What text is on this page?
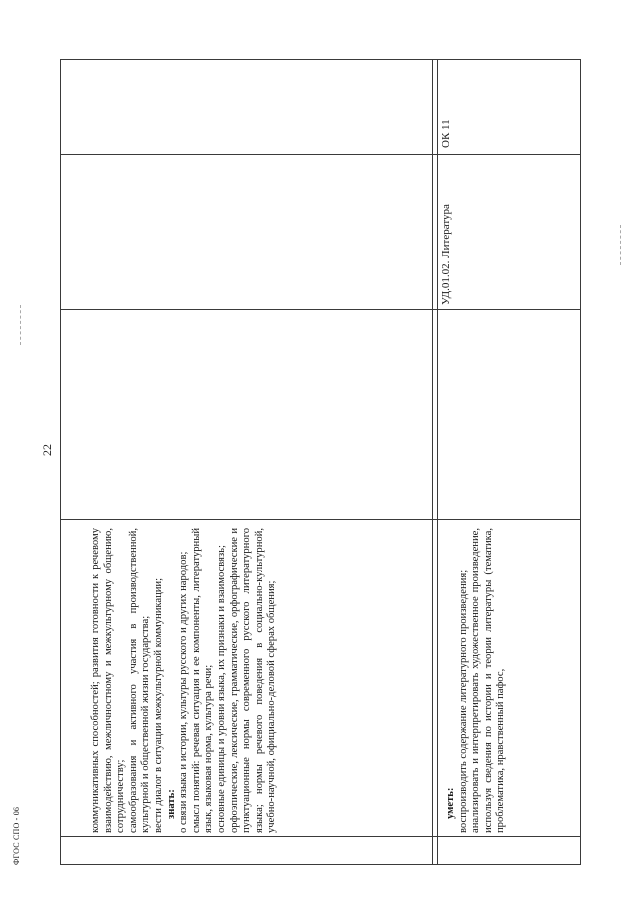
22

коммуникативных способностей; развития готовности к речевому взаимодействию, межличностному и межкультурному общению, сотрудничеству; самообразования и активного участия в производственной, культурной и общественной жизни государства; вести диалог в ситуации межкультурной коммуникации; знать: о связи языка и истории, культуры русского и других народов; смысл понятий: речевая ситуация и ее компоненты, литературный язык, языковая норма, культура речи; основные единицы и уровни языка, их признаки и взаимосвязь; орфоэпические, лексические, грамматические, орфографические и пунктуационные нормы современного русского литературного языка; нормы речевого поведения в социально-культурной, учебно-научной, официально-деловой сферах общения;	уметь: воспроизводить содержание литературного произведения; анализировать и интерпретировать художественное произведение, используя сведения по истории и теории литературы (тематика, проблематика, нравственный пафос,

УД.01.02. Литература
ОК 11
ФГОС СПО - 06
